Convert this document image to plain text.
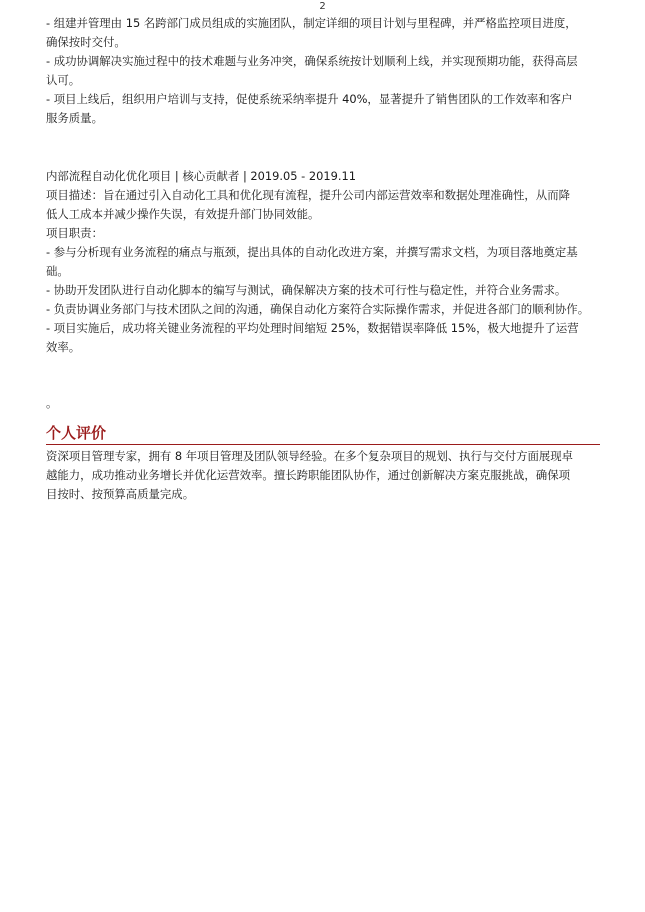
2

- 组建并管理由 15 名跨部门成员组成的实施团队，制定详细的项目计划与里程碑，并严格监控项目进度，

确保按时交付。

- 成功协调解决实施过程中的技术难题与业务冲突，确保系统按计划顺利上线，并实现预期功能，获得高层

认可。

- 项目上线后，组织用户培训与支持，促使系统采纳率提升 40%，显著提升了销售团队的工作效率和客户

服务质量。

内部流程自动化优化项目 | 核心贡献者 | 2019.05 - 2019.11

项目描述：旨在通过引入自动化工具和优化现有流程，提升公司内部运营效率和数据处理准确性，从而降

低人工成本并减少操作失误，有效提升部门协同效能。

项目职责：

- 参与分析现有业务流程的痛点与瓶颈，提出具体的自动化改进方案，并撰写需求文档，为项目落地奠定基

础。

- 协助开发团队进行自动化脚本的编写与测试，确保解决方案的技术可行性与稳定性，并符合业务需求。

- 负责协调业务部门与技术团队之间的沟通，确保自动化方案符合实际操作需求，并促进各部门的顺利协作。

- 项目实施后，成功将关键业务流程的平均处理时间缩短 25%，数据错误率降低 15%，极大地提升了运营

效率。

。

个人评价

资深项目管理专家，拥有 8 年项目管理及团队领导经验。在多个复杂项目的规划、执行与交付方面展现卓

越能力，成功推动业务增长并优化运营效率。擅长跨职能团队协作，通过创新解决方案克服挑战，确保项

目按时、按预算高质量完成。
